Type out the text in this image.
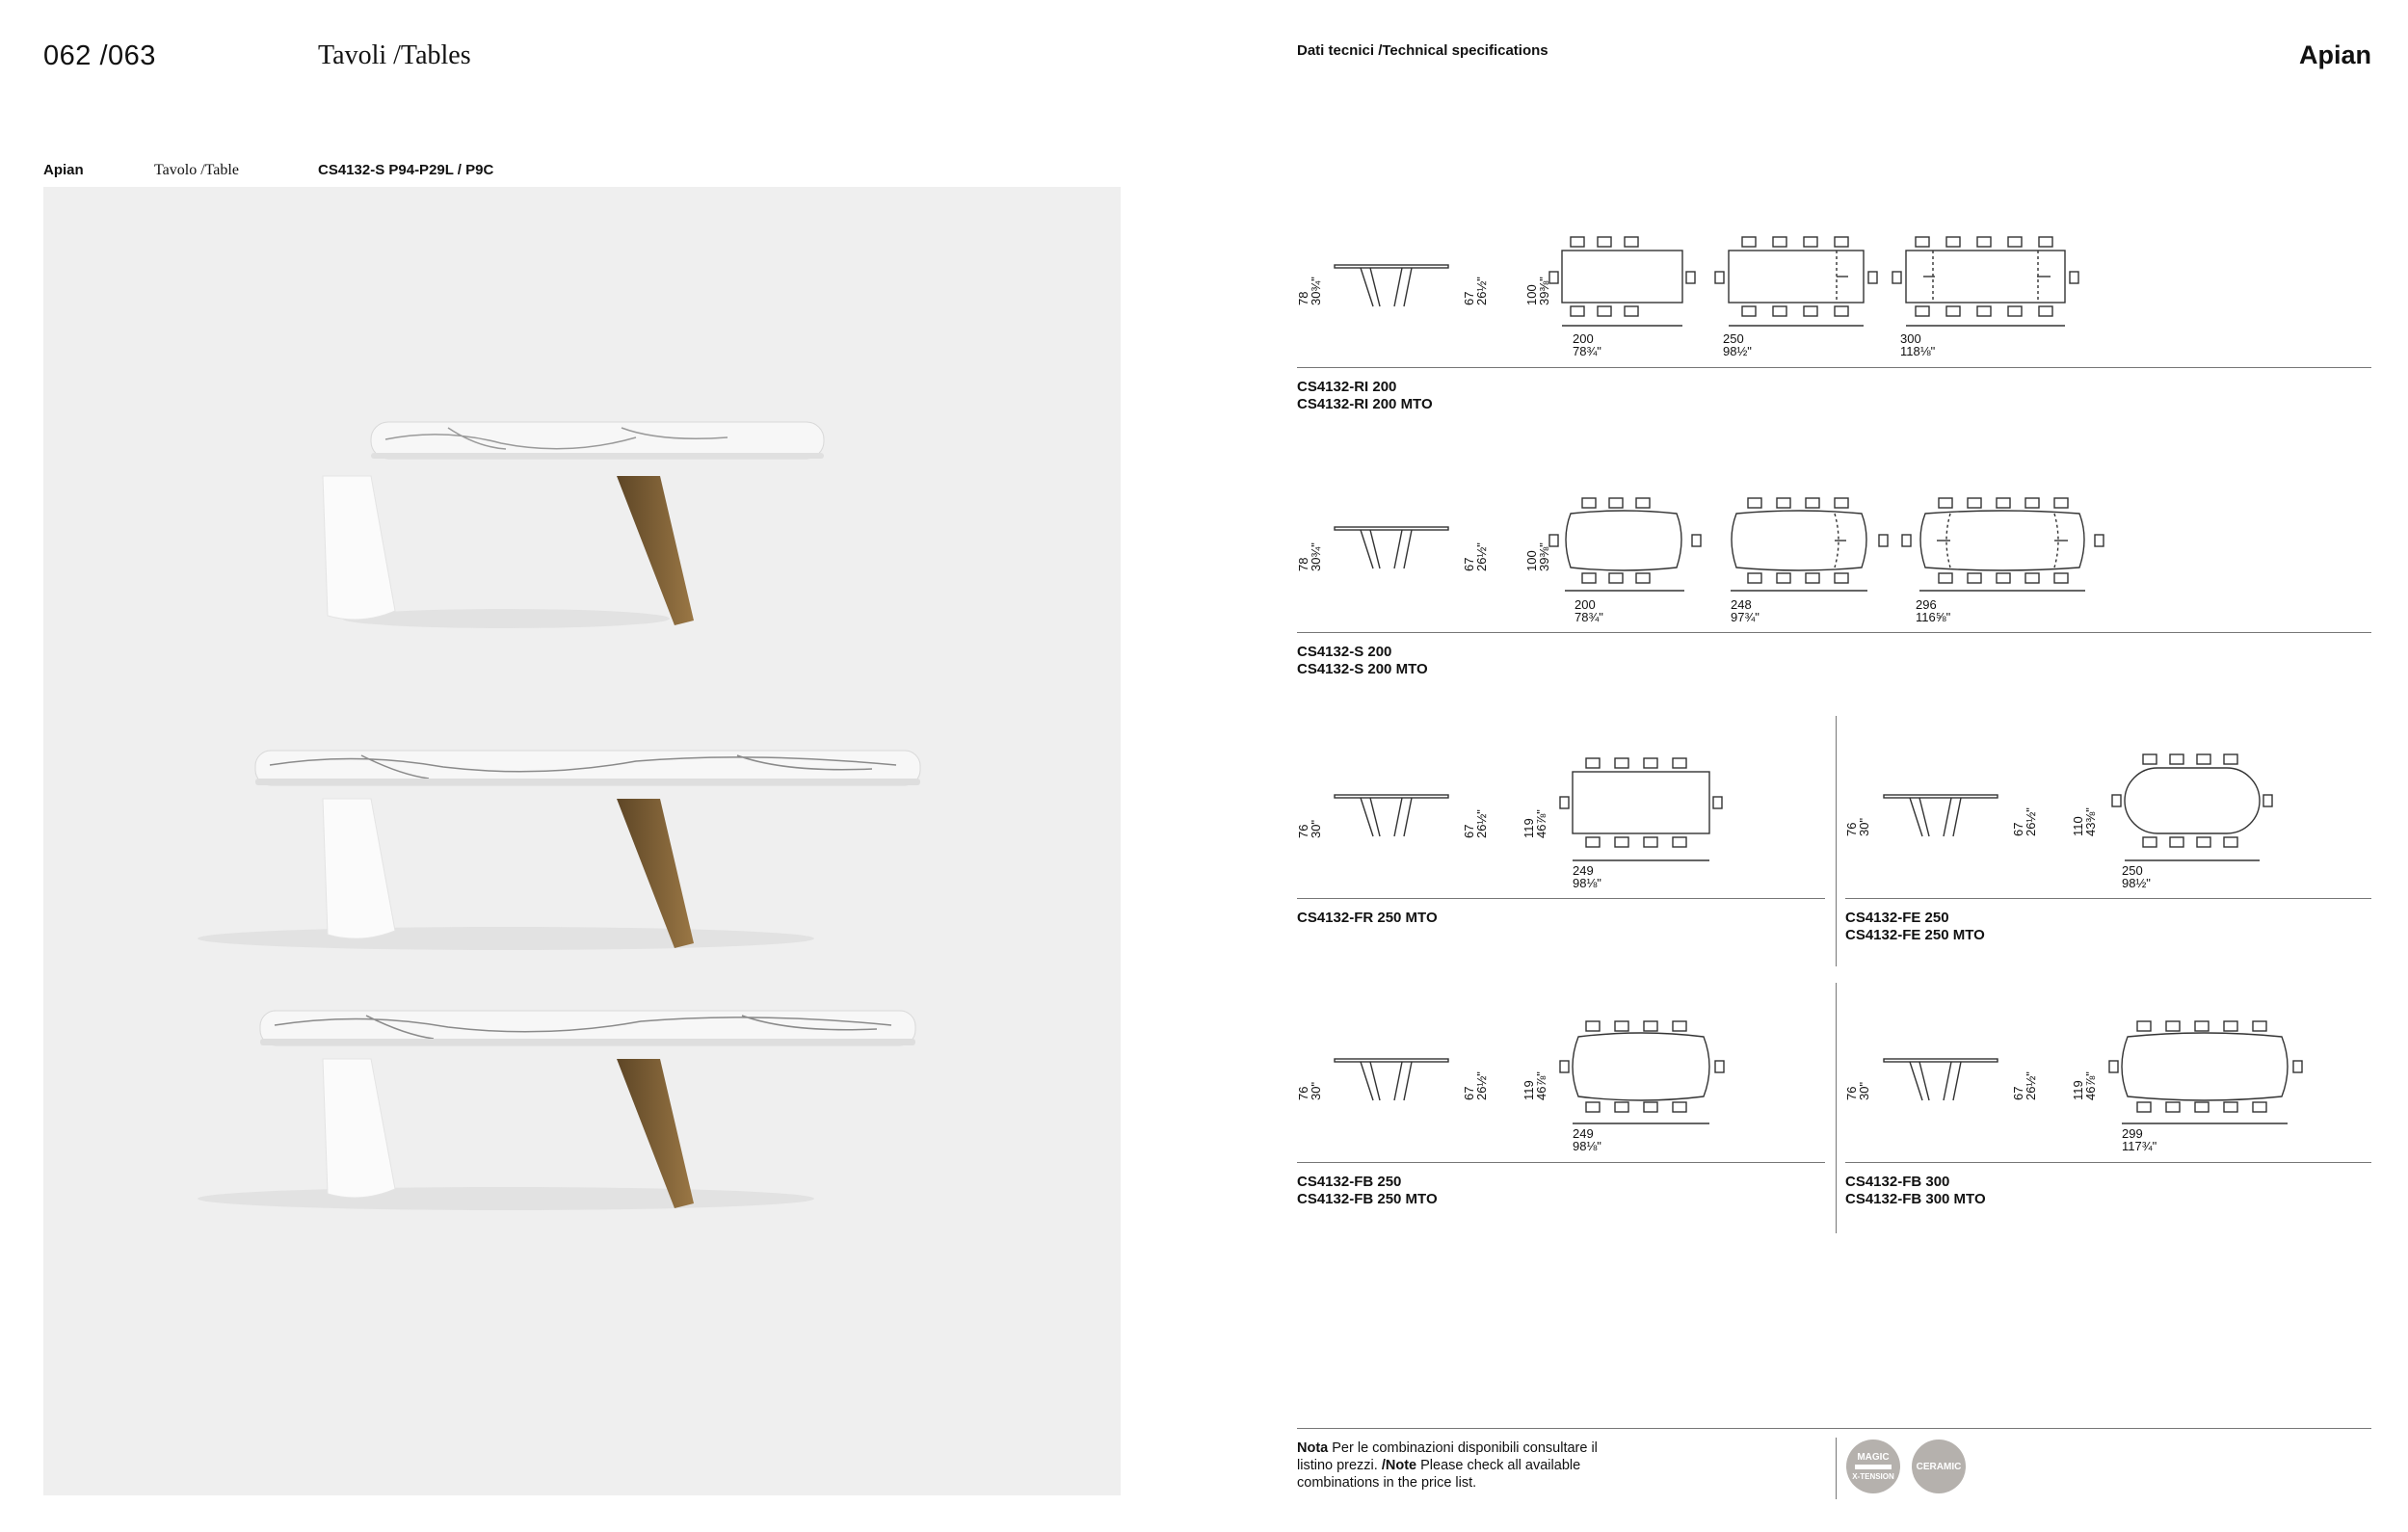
062 /063	Tavoli /Tables	Apian
Dati tecnici /Technical specifications
Apian	Tavolo /Table	CS4132-S P94-P29L / P9C
78
30¾"	67
26½"	100
39⅜"
200
78¾"
250
98½"
300
118⅛"
CS4132-RI 200
CS4132-RI 200 MTO
78
30¾"	67
26½"	100
39⅜"
200
78¾"
248
97¾"
296
116⅝"
CS4132-S 200
CS4132-S 200 MTO
76
30"	67
26½"	119
46⅞"
249
98⅛"
CS4132-FR 250 MTO
76
30"	67
26½"	110
43⅜"
250
98½"
CS4132-FE 250
CS4132-FE 250 MTO
76
30"	67
26½"	119
46⅞"
249
98⅛"
CS4132-FB 250
CS4132-FB 250 MTO
76
30"	67
26½"	119
46⅞"
299
117¾"
CS4132-FB 300
CS4132-FB 300 MTO
Nota Per le combinazioni disponibili consultare il listino prezzi. /Note Please check all available combinations in the price list.
MAGIC
X-TENSION
CERAMIC
